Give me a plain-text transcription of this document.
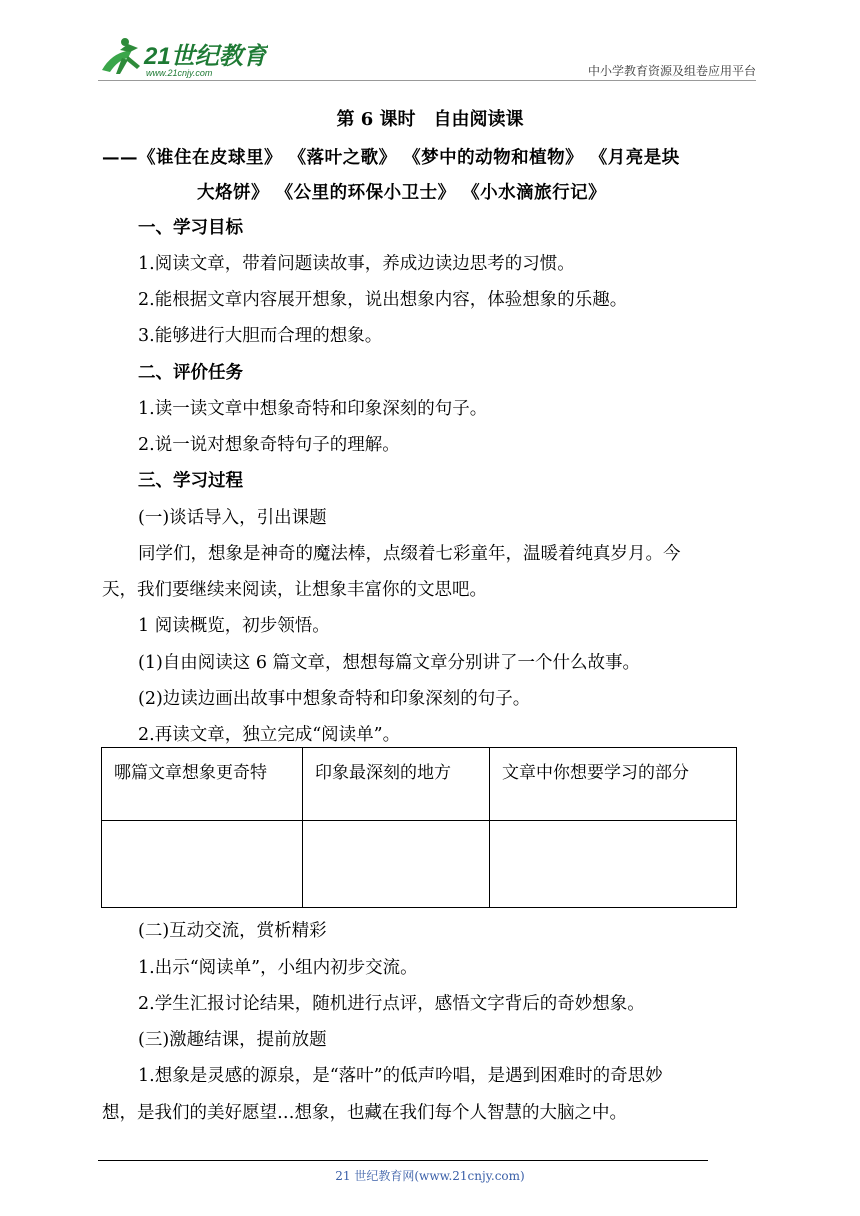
21世纪教育
www.21cnjy.com	中小学教育资源及组卷应用平台
第 6 课时　自由阅读课
——《谁住在皮球里》 《落叶之歌》 《梦中的动物和植物》 《月亮是块
大烙饼》 《公里的环保小卫士》 《小水滴旅行记》
一、学习目标
1.阅读文章，带着问题读故事，养成边读边思考的习惯。
2.能根据文章内容展开想象，说出想象内容，体验想象的乐趣。
3.能够进行大胆而合理的想象。
二、评价任务
1.读一读文章中想象奇特和印象深刻的句子。
2.说一说对想象奇特句子的理解。
三、学习过程
(一)谈话导入，引出课题
同学们，想象是神奇的魔法棒，点缀着七彩童年，温暖着纯真岁月。今
天，我们要继续来阅读，让想象丰富你的文思吧。
1 阅读概览，初步领悟。
(1)自由阅读这 6 篇文章，想想每篇文章分别讲了一个什么故事。
(2)边读边画出故事中想象奇特和印象深刻的句子。
2.再读文章，独立完成“阅读单”。
哪篇文章想象更奇特	印象最深刻的地方	文章中你想要学习的部分

(二)互动交流，赏析精彩
1.出示“阅读单”，小组内初步交流。
2.学生汇报讨论结果，随机进行点评，感悟文字背后的奇妙想象。
(三)激趣结课，提前放题
1.想象是灵感的源泉，是“落叶”的低声吟唱，是遇到困难时的奇思妙
想，是我们的美好愿望…想象，也藏在我们每个人智慧的大脑之中。
21 世纪教育网(www.21cnjy.com)
